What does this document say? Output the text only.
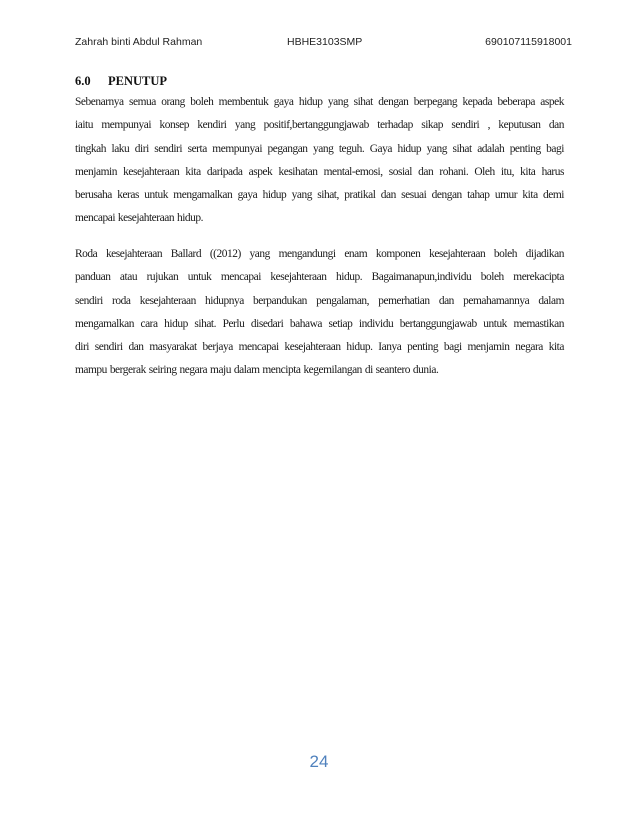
Zahrah binti Abdul Rahman	HBHE3103SMP	690107115918001
6.0 PENUTUP
Sebenarnya semua orang boleh membentuk gaya hidup yang sihat dengan berpegang kepada beberapa aspek
iaitu mempunyai konsep kendiri yang positif,bertanggungjawab terhadap sikap sendiri , keputusan dan
tingkah laku diri sendiri serta mempunyai pegangan yang teguh. Gaya hidup yang sihat adalah penting bagi
menjamin kesejahteraan kita daripada aspek kesihatan mental-emosi, sosial dan rohani. Oleh itu, kita harus
berusaha keras untuk mengamalkan gaya hidup yang sihat, pratikal dan sesuai dengan tahap umur kita demi
mencapai kesejahteraan hidup.
Roda kesejahteraan Ballard ((2012) yang mengandungi enam komponen kesejahteraan boleh dijadikan
panduan atau rujukan untuk mencapai kesejahteraan hidup. Bagaimanapun,individu boleh merekacipta
sendiri roda kesejahteraan hidupnya berpandukan pengalaman, pemerhatian dan pemahamannya dalam
mengamalkan cara hidup sihat. Perlu disedari bahawa setiap individu bertanggungjawab untuk memastikan
diri sendiri dan masyarakat berjaya mencapai kesejahteraan hidup. Ianya penting bagi menjamin negara kita
mampu bergerak seiring negara maju dalam mencipta kegemilangan di seantero dunia.
24
